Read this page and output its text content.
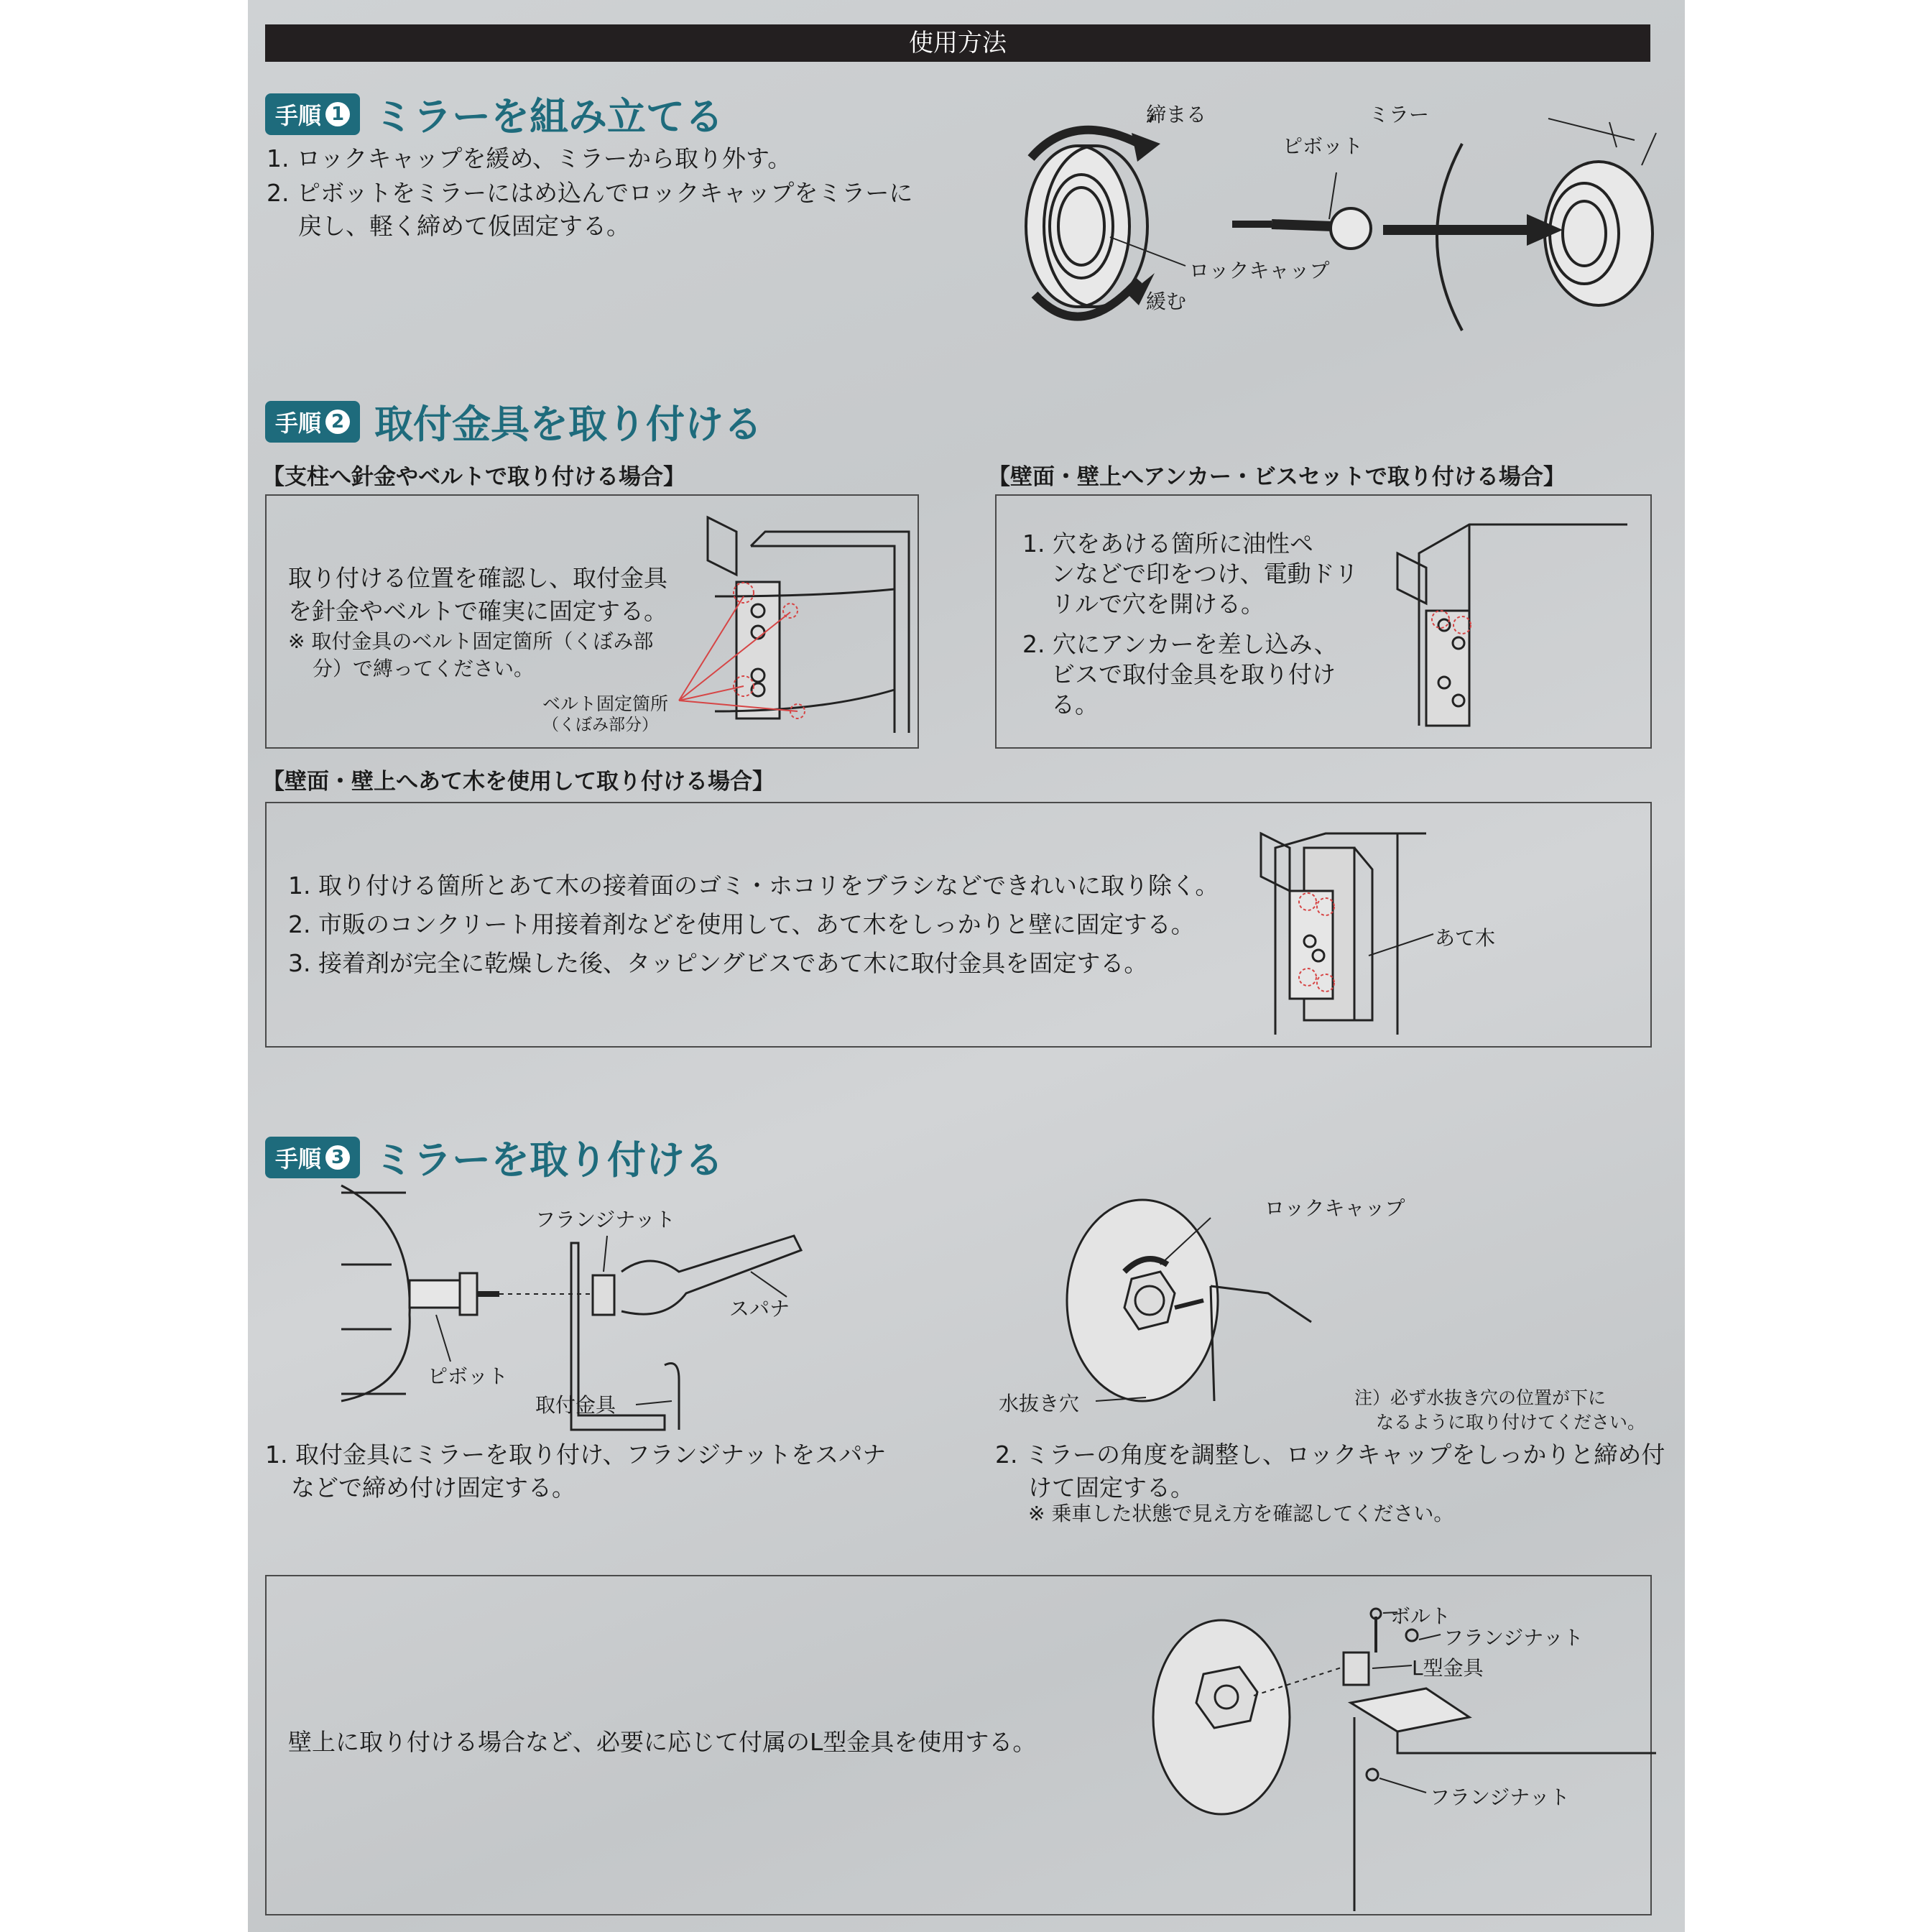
使用方法
手順 1 ミラーを組み立てる
1. ロックキャップを緩め、ミラーから取り外す。
2. ピボットをミラーにはめ込んでロックキャップをミラーに
戻し、軽く締めて仮固定する。
締まる
緩む
ミラー
ピボット
ロックキャップ
手順 2 取付金具を取り付ける
【支柱へ針金やベルトで取り付ける場合】
取り付ける位置を確認し、取付金具
を針金やベルトで確実に固定する。
※ 取付金具のベルト固定箇所（くぼみ部
分）で縛ってください。
ベルト固定箇所
（くぼみ部分）
【壁面・壁上へアンカー・ビスセットで取り付ける場合】
1. 穴をあける箇所に油性ペ
ンなどで印をつけ、電動ドリ
リルで穴を開ける。
2. 穴にアンカーを差し込み、
ビスで取付金具を取り付け
る。
【壁面・壁上へあて木を使用して取り付ける場合】
1. 取り付ける箇所とあて木の接着面のゴミ・ホコリをブラシなどできれいに取り除く。
2. 市販のコンクリート用接着剤などを使用して、あて木をしっかりと壁に固定する。
3. 接着剤が完全に乾燥した後、タッピングビスであて木に取付金具を固定する。
あて木
手順 3 ミラーを取り付ける
フランジナット
スパナ
ピボット
取付金具
ロックキャップ
水抜き穴	注）必ず水抜き穴の位置が下に
なるように取り付けてください。
1. 取付金具にミラーを取り付け、フランジナットをスパナ
などで締め付け固定する。
2. ミラーの角度を調整し、ロックキャップをしっかりと締め付
けて固定する。
※ 乗車した状態で見え方を確認してください。
壁上に取り付ける場合など、必要に応じて付属のL型金具を使用する。
ボルト
フランジナット
L型金具
フランジナット
